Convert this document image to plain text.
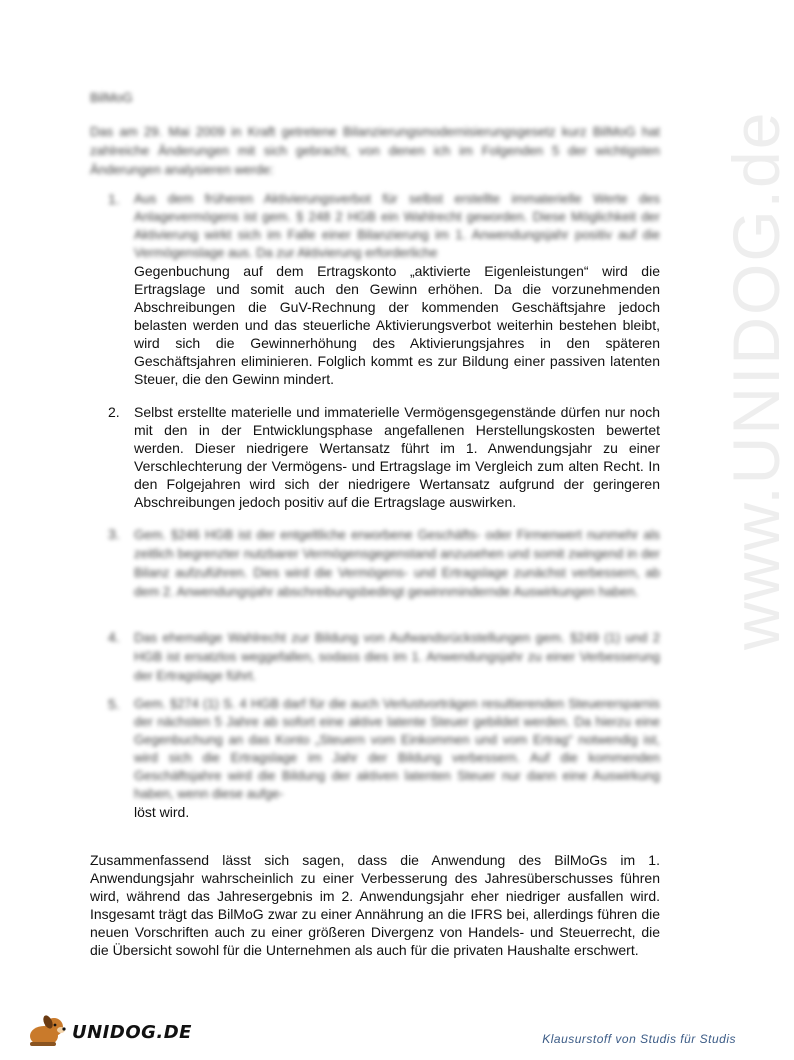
www.UNIDOG.de
BilMoG
Das am 29. Mai 2009 in Kraft getretene Bilanzierungsmodernisierungsgesetz kurz BilMoG hat zahlreiche Änderungen mit sich gebracht, von denen ich im Folgenden 5 der wichtigsten Änderungen analysieren werde:
1.	Aus dem früheren Aktivierungsverbot für selbst erstellte immaterielle Werte des Anlagevermögens ist gem. § 248 2 HGB ein Wahlrecht geworden. Diese Möglichkeit der Aktivierung wirkt sich im Falle einer Bilanzierung im 1. Anwendungsjahr positiv auf die Vermögenslage aus. Da zur Aktivierung erforderliche
Gegenbuchung auf dem Ertragskonto „aktivierte Eigenleistungen“ wird die Ertragslage und somit auch den Gewinn erhöhen. Da die vorzunehmenden Abschreibungen die GuV-Rechnung der kommenden Geschäftsjahre jedoch belasten werden und das steuerliche Aktivierungsverbot weiterhin bestehen bleibt, wird sich die Gewinnerhöhung des Aktivierungsjahres in den späteren Geschäftsjahren eliminieren. Folglich kommt es zur Bildung einer passiven latenten Steuer, die den Gewinn mindert.
2.	Selbst erstellte materielle und immaterielle Vermögensgegenstände dürfen nur noch mit den in der Entwicklungsphase angefallenen Herstellungskosten bewertet werden. Dieser niedrigere Wertansatz führt im 1. Anwendungsjahr zu einer Verschlechterung der Vermögens- und Ertragslage im Vergleich zum alten Recht. In den Folgejahren wird sich der niedrigere Wertansatz aufgrund der geringeren Abschreibungen jedoch positiv auf die Ertragslage auswirken.
3.	Gem. §246 HGB ist der entgeltliche erworbene Geschäfts- oder Firmenwert nunmehr als zeitlich begrenzter nutzbarer Vermögensgegenstand anzusehen und somit zwingend in der Bilanz aufzuführen. Dies wird die Vermögens- und Ertragslage zunächst verbessern, ab dem 2. Anwendungsjahr abschreibungsbedingt gewinnmindernde Auswirkungen haben.
4.	Das ehemalige Wahlrecht zur Bildung von Aufwandsrückstellungen gem. §249 (1) und 2 HGB ist ersatzlos weggefallen, sodass dies im 1. Anwendungsjahr zu einer Verbesserung der Ertragslage führt.
5.	Gem. §274 (1) S. 4 HGB darf für die auch Verlustvorträgen resultierenden Steuerersparnis der nächsten 5 Jahre ab sofort eine aktive latente Steuer gebildet werden. Da hierzu eine Gegenbuchung an das Konto „Steuern vom Einkommen und vom Ertrag“ notwendig ist, wird sich die Ertragslage im Jahr der Bildung verbessern. Auf die kommenden Geschäftsjahre wird die Bildung der aktiven latenten Steuer nur dann eine Auswirkung haben, wenn diese aufge-
löst wird.
Zusammenfassend lässt sich sagen, dass die Anwendung des BilMoGs im 1. Anwendungsjahr wahrscheinlich zu einer Verbesserung des Jahresüberschusses führen wird, während das Jahresergebnis im 2. Anwendungsjahr eher niedriger ausfallen wird. Insgesamt trägt das BilMoG zwar zu einer Annährung an die IFRS bei, allerdings führen die neuen Vorschriften auch zu einer größeren Divergenz von Handels- und Steuerrecht, die die Übersicht sowohl für die Unternehmen als auch für die privaten Haushalte erschwert.
UNIDOG.DE	Klausurstoff von Studis für Studis
